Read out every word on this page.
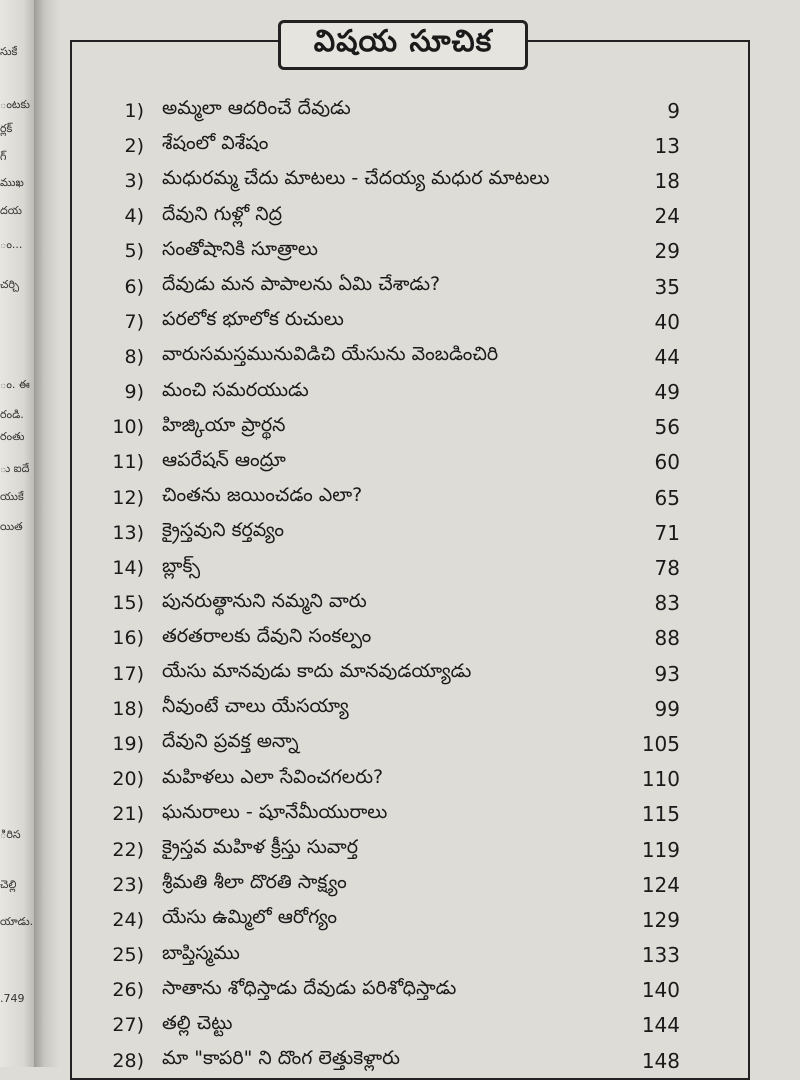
సుకే
ంటకు
ర్లక్
గ్
ముఖ
దయ
ం...
చర్చి
ం. ఈ
రండి.
రంతు
ు ఐదే
యుకే
యిత
ిరిస
చెల్లి
యాడు.
.749
విషయ సూచిక
1) అమ్మలా ఆదరించే దేవుడు	9
2) శేషంలో విశేషం	13
3) మధురమ్మ చేదు మాటలు - చేదయ్య మధుర మాటలు	18
4) దేవుని గుళ్లో నిద్ర	24
5) సంతోషానికి సూత్రాలు	29
6) దేవుడు మన పాపాలను ఏమి చేశాడు?	35
7) పరలోక భూలోక రుచులు	40
8) వారుసమస్తమునువిడిచి యేసును వెంబడించిరి	44
9) మంచి సమరయుడు	49
10) హిజ్కియా ప్రార్థన	56
11) ఆపరేషన్ ఆంద్రూ	60
12) చింతను జయించడం ఎలా?	65
13) క్రైస్తవుని కర్తవ్యం	71
14) బ్లాక్స్	78
15) పునరుత్థానుని నమ్మని వారు	83
16) తరతరాలకు దేవుని సంకల్పం	88
17) యేసు మానవుడు కాదు మానవుడయ్యాడు	93
18) నీవుంటే చాలు యేసయ్యా	99
19) దేవుని ప్రవక్త అన్నా	105
20) మహిళలు ఎలా సేవించగలరు?	110
21) ఘనురాలు - షూనేమీయురాలు	115
22) క్రైస్తవ మహిళ క్రీస్తు సువార్త	119
23) శ్రీమతి శీలా దొరతి సాక్ష్యం	124
24) యేసు ఉమ్మిలో ఆరోగ్యం	129
25) బాప్తిస్మము	133
26) సాతాను శోధిస్తాడు దేవుడు పరిశోధిస్తాడు	140
27) తల్లి చెట్టు	144
28) మా "కాపరి" ని దొంగ లెత్తుకెళ్లారు	148
